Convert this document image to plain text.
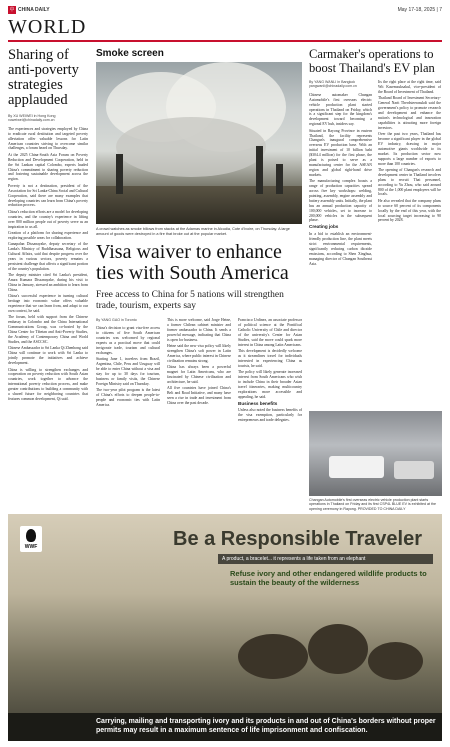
中 CHINA DAILY	May 17-18, 2025 | 7
WORLD
Sharing of anti-poverty strategies applauded
By XU WEIWEI in Hong Kong
xuweiwei@chinadaily.com.cn

The experiences and strategies employed by China to eradicate rural destitution and targeted poverty alleviation offer valuable lessons for Latin American countries striving to overcome similar challenges, a forum heard on Thursday.

At the 2025 China-South Asia Forum on Poverty Reduction and Development Cooperation, held in the Sri Lankan capital Colombo, experts lauded China's commitment to sharing poverty reduction and fostering sustainable development across the region.

Poverty is not a destination, president of the Association for Sri Lanka-China Social and Cultural Cooperation, said there are many examples that developing countries can learn from China's poverty reduction process.

China's reduction efforts are a model for developing countries, and the country's experience in lifting over 800 million people out of poverty serve as an inspiration to us all.

Creation of a platform for sharing experience and exploring possible areas for collaboration.

Gunapalan Dissanayake, deputy secretary of the Lanka's Ministry of Buddhasasana, Religious and Cultural Affairs, said that despite progress over the years in various sectors, poverty remains a persistent challenge that affects a significant portion of the country's population.

The deputy minister cited Sri Lanka's president, Anura Kumara Dissanayake, during his visit to China in January, stressed an ambition to learn from China.

China's successful experience in turning cultural heritage into economic value offers valuable experience that we can learn from, and adapt to our own context, he said.

The forum, held with support from the Chinese embassy in Colombo and the China International Communications Group, was co-hosted by the China Center for Tibetan and Anti-Poverty Studies, the Academy of Contemporary China and World Studies, and the ASCCSC.

Chinese Ambassador to Sri Lanka Qi Zhenhong said China will continue to work with Sri Lanka to jointly promote the initiatives and achieve development.

China is willing to strengthen exchanges and cooperation on poverty reduction with South Asian countries, work together to advance the international poverty reduction process, and make greater contributions to building a community with a shared future for neighboring countries that features common development, Qi said.

Smoke screen
A crowd watches as smoke billows from stacks at the Adamas marine in Alcudia, Cote d'Ivoire, on Thursday. A large amount of goods were destroyed in a fire that broke out at the popular market.
Visa waiver to enhance ties with South America
Free access to China for 5 nations will strengthen trade, tourism, experts say
By YANG GAO in Toronto

China's decision to grant visa-free access to citizens of five South American countries was welcomed by regional experts as a practical move that could invigorate trade, tourism and cultural exchanges.

Starting June 1, travelers from Brazil, Argentina, Chile, Peru and Uruguay will be able to enter China without a visa and stay for up to 30 days for tourism, business or family visits, the Chinese Foreign Ministry said on Thursday.

The two-year pilot program is the latest of China's efforts to deepen people-to-people and economic ties with Latin America.

This is more welcome, said Jorge Heine, a former Chilean cabinet minister and former ambassador to China. It sends a powerful message, indicating that China is open for business.

Heine said the new visa policy will likely strengthen China's soft power in Latin America, where public interest in Chinese civilization remains strong.

China has always been a powerful magnet for Latin Americans, who are fascinated by Chinese civilization and architecture, he said.

All five countries have joined China's Belt and Road Initiative, and many have seen a rise in trade and investment from China over the past decade.

Francisco Urdinez, an associate professor of political science at the Pontifical Catholic University of Chile and director of the university's Center for Asian Studies, said the move could spark more interest in China among Latin Americans.

This development is decidedly welcome as it streamlines travel for individuals interested in experiencing China as tourists, he said.

The policy will likely generate increased interest from South Americans who wish to include China in their broader Asian travel itineraries, making multicountry explorations more accessible and appealing, he said.

Business benefits

Unless also noted the business benefits of the visa exemption, particularly for entrepreneurs and trade delegates.

Carmaker's operations to boost Thailand's EV plan
By YANG WANLI in Bangkok
yangwanli@chinadaily.com.cn

Chinese automaker Changan Automobile's first overseas electric vehicle production plant started operations in Thailand on Friday, which is a significant step for the kingdom's development toward becoming a regional EV hub, insiders say.

Situated in Rayong Province in eastern Thailand, the facility represents Changan's inaugural comprehensive overseas EV production base. With an initial investment of 10 billion baht ($304.4 million) for the first phase, the plant is poised to serve as a manufacturing center for the ASEAN region and global right-hand drive markets.

The manufacturing complex boasts a range of production capacities spread across five key workshops: welding, painting, assembly, engine assembly and battery assembly units. Initially, the plant has an annual production capacity of 100,000 vehicles, set to increase to 200,000 vehicles in the subsequent phase.

Creating jobs

In a bid to establish an environment-friendly production line, the plant meets strict environmental requirements, significantly reducing carbon dioxide emissions, according to Shen Xinghua, managing director of Changan Southeast Asia.

Its the right place at the right time, said Wit Kasemsuksakul, vice-president of the Board of Investment of Thailand.

Thailand Board of Investment Secretary-General Narit Therdsteerasukdi said the government's policy to promote research and development and enhance the nation's technological and innovation capabilities is attracting more foreign investors.

Over the past two years, Thailand has become a significant player in the global EV industry, drawing in major automotive giants worldwide to its market. Its production sector now supports a large number of exports to more than 100 countries.

The opening of Changan's research and development center in Thailand involves plans to recruit Thai personnel, according to Yu Zhou, who said around 800 of the 1,000 plant employees will be locals.

He also revealed that the company plans to source 60 percent of its components locally by the end of this year, with the local sourcing target increasing to 90 percent by 2028.

Changan Automobile's first overseas electric vehicle production plant starts operations in Thailand on Friday and its first CSP4L BLUE EV is exhibited at the opening ceremony in Rayong. PROVIDED TO CHINA DAILY
WWF	Be a Responsible Traveler
A product, a bracelet... it represents a life taken from an elephant
Refuse ivory and other endangered wildlife products to sustain the beauty of the wilderness
Carrying, mailing and transporting ivory and its products in and out of China's borders without proper permits may result in a maximum sentence of life imprisonment and confiscation.
